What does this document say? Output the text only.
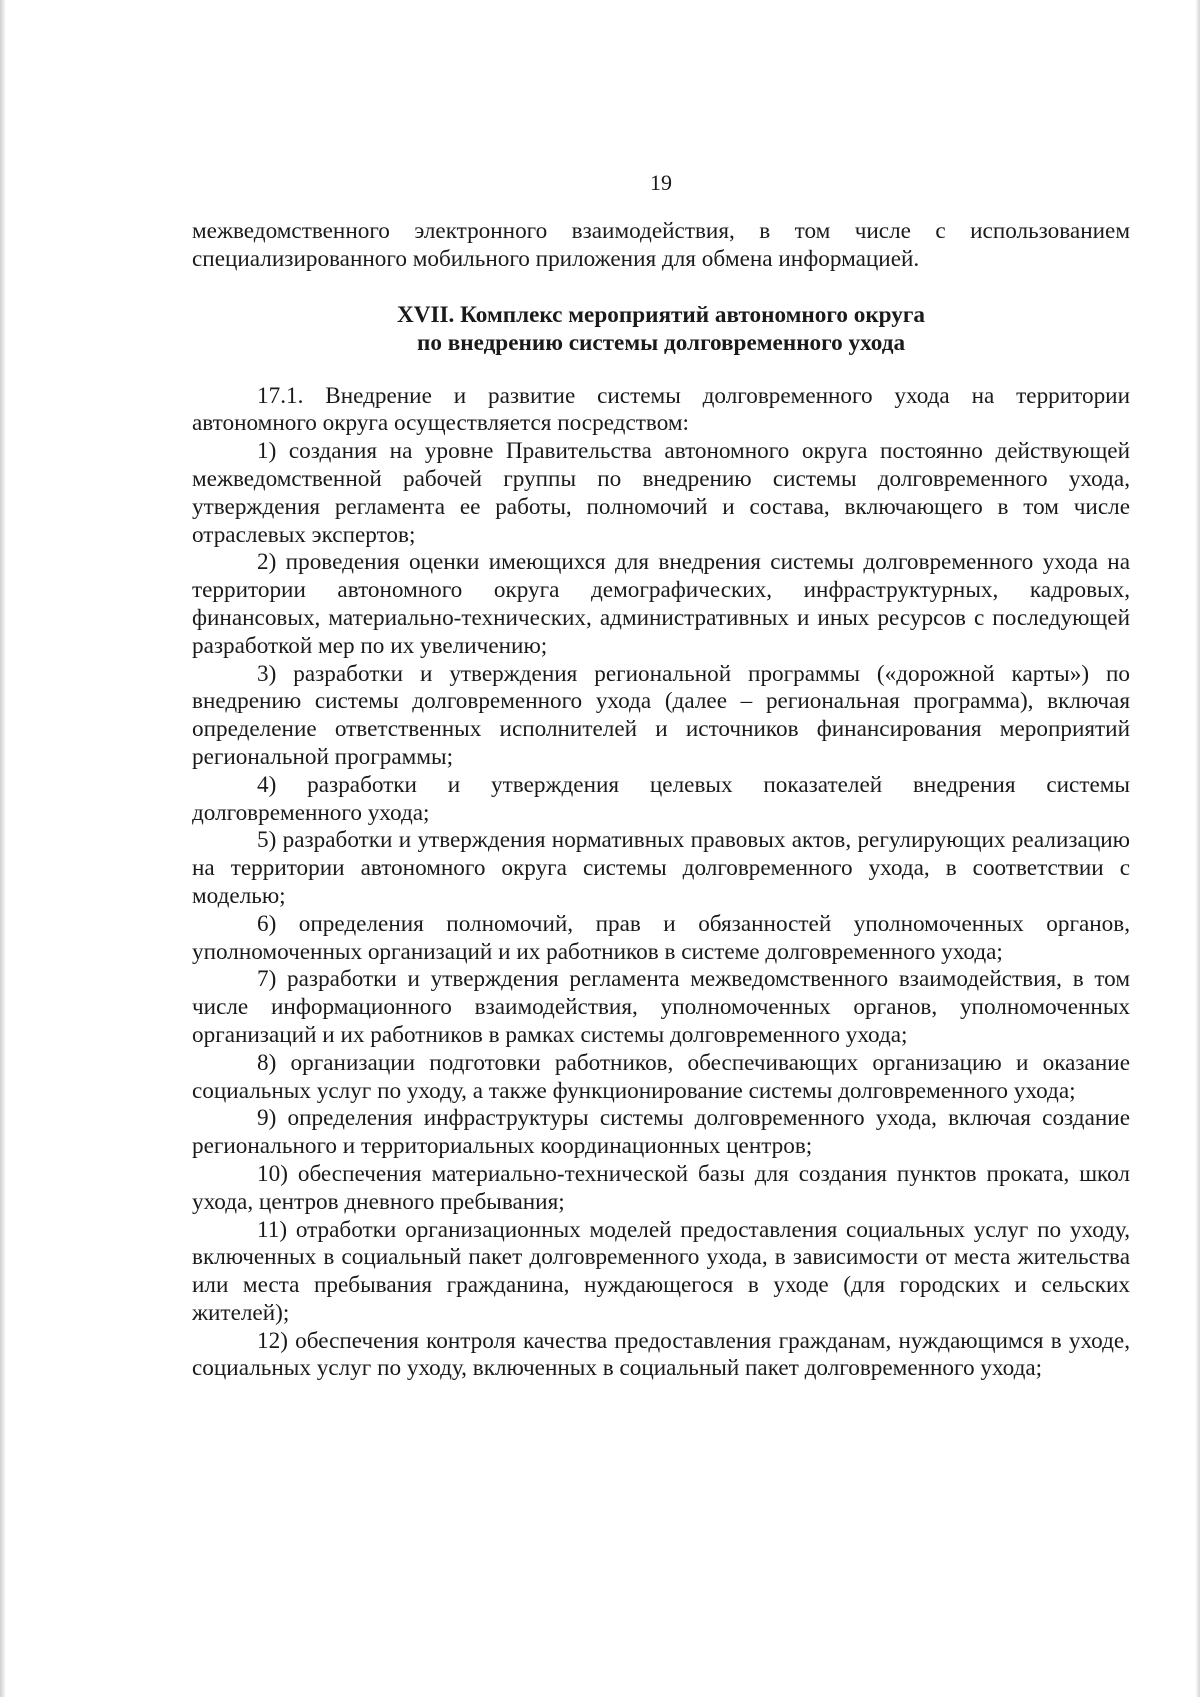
19

межведомственного электронного взаимодействия, в том числе с использованием специализированного мобильного приложения для обмена информацией.

XVII. Комплекс мероприятий автономного округа
по внедрению системы долговременного ухода

17.1. Внедрение и развитие системы долговременного ухода на территории автономного округа осуществляется посредством:

1) создания на уровне Правительства автономного округа постоянно действующей межведомственной рабочей группы по внедрению системы долговременного ухода, утверждения регламента ее работы, полномочий и состава, включающего в том числе отраслевых экспертов;

2) проведения оценки имеющихся для внедрения системы долговременного ухода на территории автономного округа демографических, инфраструктурных, кадровых, финансовых, материально-технических, административных и иных ресурсов с последующей разработкой мер по их увеличению;

3) разработки и утверждения региональной программы («дорожной карты») по внедрению системы долговременного ухода (далее – региональная программа), включая определение ответственных исполнителей и источников финансирования мероприятий региональной программы;

4) разработки и утверждения целевых показателей внедрения системы долговременного ухода;

5) разработки и утверждения нормативных правовых актов, регулирующих реализацию на территории автономного округа системы долговременного ухода, в соответствии с моделью;

6) определения полномочий, прав и обязанностей уполномоченных органов, уполномоченных организаций и их работников в системе долговременного ухода;

7) разработки и утверждения регламента межведомственного взаимодействия, в том числе информационного взаимодействия, уполномоченных органов, уполномоченных организаций и их работников в рамках системы долговременного ухода;

8) организации подготовки работников, обеспечивающих организацию и оказание социальных услуг по уходу, а также функционирование системы долговременного ухода;

9) определения инфраструктуры системы долговременного ухода, включая создание регионального и территориальных координационных центров;

10) обеспечения материально-технической базы для создания пунктов проката, школ ухода, центров дневного пребывания;

11) отработки организационных моделей предоставления социальных услуг по уходу, включенных в социальный пакет долговременного ухода, в зависимости от места жительства или места пребывания гражданина, нуждающегося в уходе (для городских и сельских жителей);

12) обеспечения контроля качества предоставления гражданам, нуждающимся в уходе, социальных услуг по уходу, включенных в социальный пакет долговременного ухода;
